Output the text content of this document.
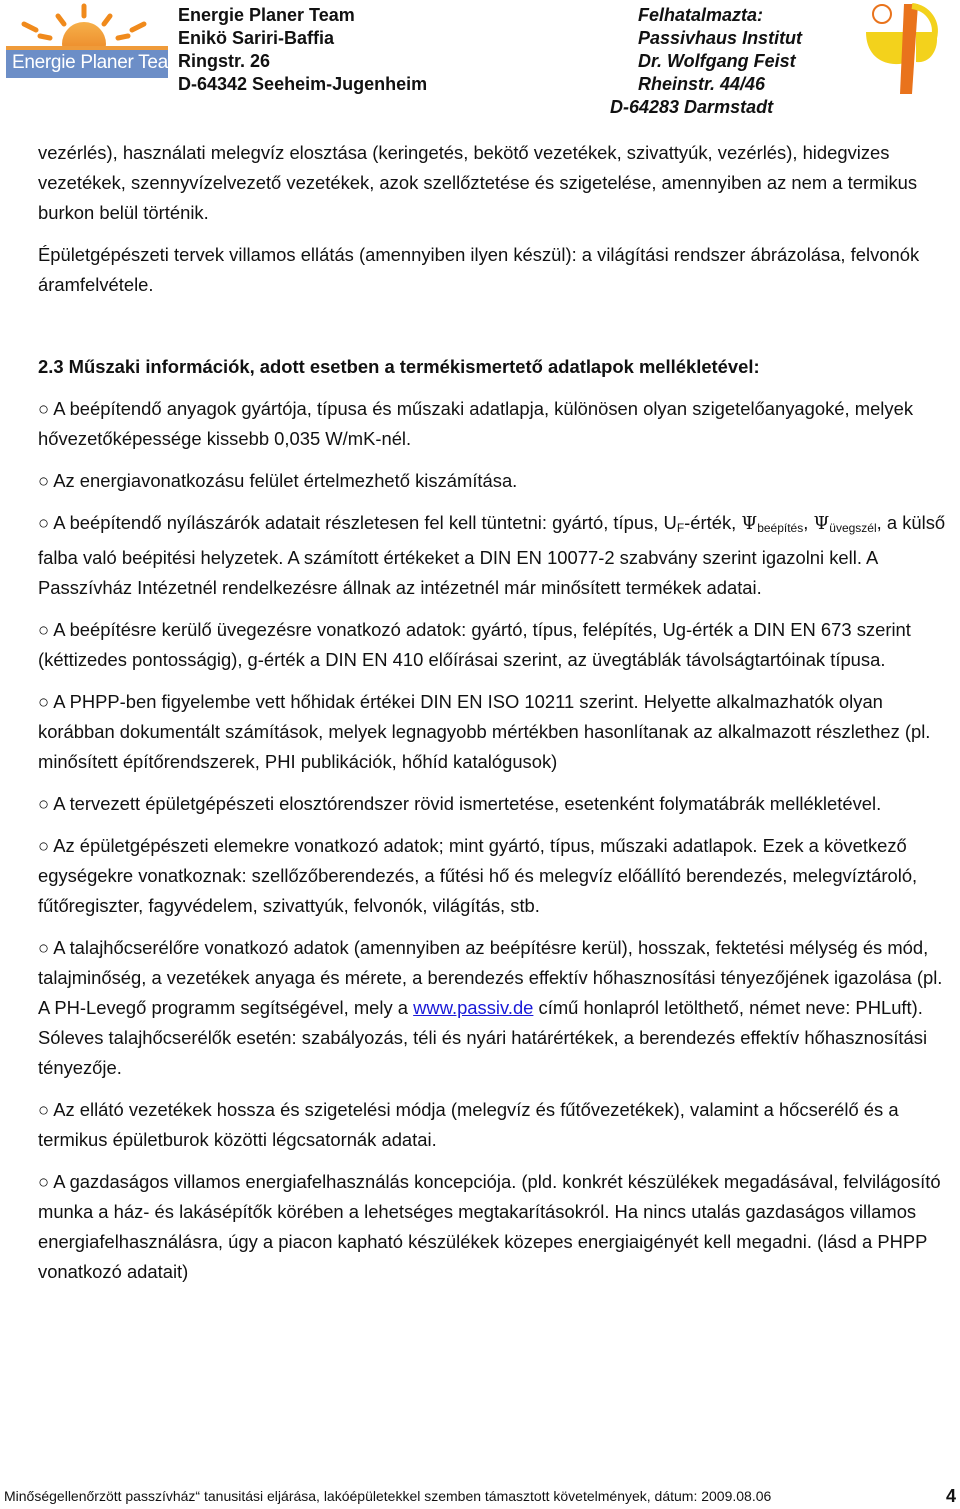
Energie Planer Team
Energie Planer Team
Enikö Sariri-Baffia
Ringstr. 26
D-64342 Seeheim-Jugenheim
Felhatalmazta:
Passivhaus Institut
Dr. Wolfgang Feist
Rheinstr. 44/46
D-64283 Darmstadt

vezérlés), használati melegvíz elosztása (keringetés, bekötő vezetékek, szivattyúk, vezérlés), hidegvizes vezetékek, szennyvízelvezető vezetékek, azok szellőztetése és szigetelése, amennyiben az nem a termikus burkon belül történik.

Épületgépészeti tervek villamos ellátás (amennyiben ilyen készül): a világítási rendszer ábrázolása, felvonók áramfelvétele.

2.3 Műszaki információk, adott esetben a termékismertető adatlapok mellékletével:

○ A beépítendő anyagok gyártója, típusa és műszaki adatlapja, különösen olyan szigetelőanyagoké, melyek hővezetőképessége kissebb 0,035 W/mK-nél.

○ Az energiavonatkozásu felület értelmezhető kiszámítása.

○ A beépítendő nyílászárók adatait részletesen fel kell tüntetni: gyártó, típus, UF-érték, $\Psi_{beépítés}$, $\Psi_{üvegszél}$, a külső falba való beépitési helyzetek. A számított értékeket a DIN EN 10077-2 szabvány szerint igazolni kell. A Passzívház Intézetnél rendelkezésre állnak az intézetnél már minősített termékek adatai.

○ A beépítésre kerülő üvegezésre vonatkozó adatok: gyártó, típus, felépítés, Ug-érték a DIN EN 673 szerint (kéttizedes pontosságig), g-érték a DIN EN 410 előírásai szerint, az üvegtáblák távolságtartóinak típusa.

○ A PHPP-ben figyelembe vett hőhidak értékei DIN EN ISO 10211 szerint. Helyette alkalmazhatók olyan korábban dokumentált számítások, melyek legnagyobb mértékben hasonlítanak az alkalmazott részlethez (pl. minősített építőrendszerek, PHI publikációk, hőhíd katalógusok)

○ A tervezett épületgépészeti elosztórendszer rövid ismertetése, esetenként folymatábrák mellékletével.

○ Az épületgépészeti elemekre vonatkozó adatok; mint gyártó, típus, műszaki adatlapok. Ezek a következő egységekre vonatkoznak: szellőzőberendezés, a fűtési hő és melegvíz előállító berendezés, melegvíztároló, fűtőregiszter, fagyvédelem, szivattyúk, felvonók, világítás, stb.

○ A talajhőcserélőre vonatkozó adatok (amennyiben az beépítésre kerül), hosszak, fektetési mélység és mód, talajminőség, a vezetékek anyaga és mérete, a berendezés effektív hőhasznosítási tényezőjének igazolása (pl. A PH-Levegő programm segítségével, mely a www.passiv.de című honlapról letölthető, német neve: PHLuft). Sóleves talajhőcserélők esetén: szabályozás, téli és nyári határértékek, a berendezés effektív hőhasznosítási tényezője.

○ Az ellátó vezetékek hossza és szigetelési módja (melegvíz és fűtővezetékek), valamint a hőcserélő és a termikus épületburok közötti légcsatornák adatai.

○ A gazdaságos villamos energiafelhasználás koncepciója. (pld. konkrét készülékek megadásával, felvilágosító munka a ház- és lakásépítők körében a lehetséges megtakarításokról. Ha nincs utalás gazdaságos villamos energiafelhasználásra, úgy a piacon kapható készülékek közepes energiaigényét kell megadni. (lásd a PHPP vonatkozó adatait)

Minőségellenőrzött passzívház“ tanusitási eljárása, lakóépületekkel szemben támasztott követelmények, dátum: 2009.08.06	4
